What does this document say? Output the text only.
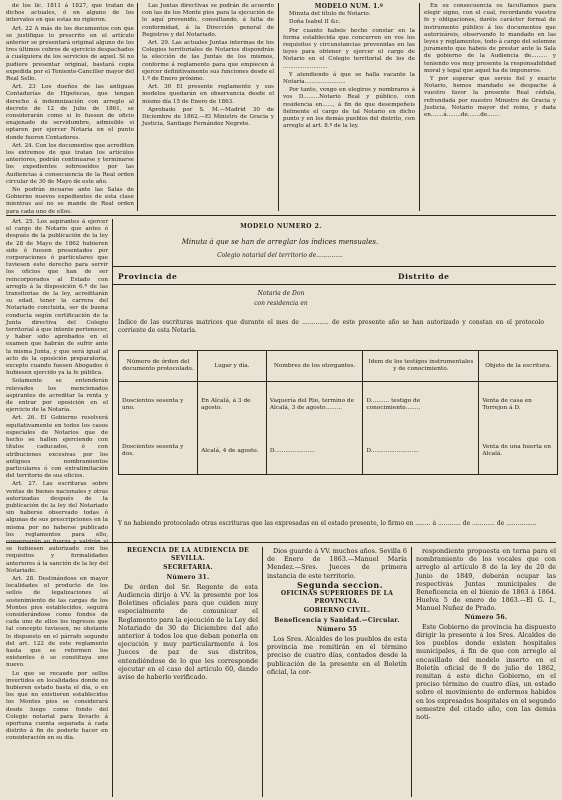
de los lic. 1811 á 1827, que tratan de dichos actuales, ó en alguno de los intervalos en que estas no rigieron.

Art. 22 A más de los documentos con que se justifique lo prescrito en el artículo anterior se presentará original alguno de los tres últimos cobros de ejercicio despachados á cualquiera de los servicios de aquel. Si no pudiere presentar original, bastará copia expedida por el Teniente-Canciller mayor del Real Sello.

Art. 23 Los dueños de las antiguas Contadurías de Hipotecas, que tengan derecho á indemnización con arreglo al decreto de 12 de Julio de 1861, se considerarán como si lo fuesen de oficio enajenado de servidumbre, admisible si optaren por ejercer Notaría en el punto donde fueron Contadores.

Art. 24. Con los documentos que acrediten los extremos de que tratan los artículos anteriores, podrán continuarse y terminarse los expedientes sobreseídos por las Audiencias á consecuencia de la Real orden circular de 30 de Mayo de este año.

No podrán incoarse ante las Salas de Gobierno nuevos expedientes de esta clase mientras así no se mande de Real orden para cada uno de ellos.

Las Juntas directivas se podrán de acuerdo con las de los Monte pios para la ejecución de lo aquí prevenido, consultando, á falta de conformidad, á la Dirección general de Registros y del Notariado.

Art. 29. Las actuales Juntas interinas de los Colegios territoriales de Notarios dispondrán la elección de las Juntas de los mismos, conforme á reglamento para que empiecen á ejercer definitivamente sus funciones desde el 1.º de Enero próximo.

Art. 30 El presente reglamento y sus modelos quedarán en observancia desde el mismo día 15 de Enero de 1863.

Aprobado por S. M.—Madrid 30 de Diciembre de 1862.—El Ministro de Gracia y Justicia, Santiago Fernández Negrete.

MODELO NUM. 1.º

Minuta del título de Notario.

Doña Isabel II &c.

Por cuanto habeis hecho constar en la forma establecida que concurren en vos los requisitos y circunstancias prevenidas en las leyes para obtener y ejercer el cargo de Notario en el Colegio territorial de los de .........................

Y atendiendo á que se halla vacante la Notaría.......................

Por tanto, vengo en elegiros y nombraros á vos D.........Notario Real y público, con residencia en......, á fin de que desempeñeis fielmente el cargo de tal Notario en dicho punto y en los demás pueblos del distrito, con arreglo al art. 8.º de la ley.

En su consecuencia os facultamos para elegir signo, con el cual, recordando vuestra fe y obligaciones, daréis carácter formal de instrumento público á los documentos que autorizáreis, observando lo mandado en las leyes y reglamentos, todo á cargo del solemne juramento que habeis de prestar ante la Sala de gobierno de la Audiencia de......... y teniendo vos muy presente la responsabilidad moral y legal que aquel ha de imponeros.

Y por esperar que sereis fiel y exacto Notario, hemos mandado se despache á vuestro favor la presente Real cédula, refrendada por nuestro Ministro de Gracia y Justicia, Notario mayor del reino, y dada en.......á........de.......de.......

MODELO NUMERO 2.
Minuta á que se han de arreglar los índices mensuales.
Colegio notarial del territorio de..............
Provincia de	Distrito de
Notaria de Don
con residencia en
Índice de las escrituras matrices que durante el mes de .............. de este presente año se han autorizado y constan en el protocolo corriente de esta Notaría.
Número de órden del documento protocolado.	Lugar y día.	Nombres de los otorgantes.	Idem de los testigos instrumentales y de conocimiento.	Objeto de la escritura.
Doscientos sesenta y uno.	En Alcalá, á 3 de agosto.	Vaquería del Rio, termino de Alcalá, 3 de agosto.........	D.......... testigo de conocimiento........	Venta de casa en Torrejon á D.
Doscientos sesenta y dos.	Alcalá, 4 de agosto.	D......................	D..........................	Venta de una huerta en Alcalá.
Y no habiendo protocolado otras escrituras que las expresadas en el estado presente, lo firmo en ........ á ............ de ............ de ................

REGENCIA DE LA AUDIENCIA DE SEVILLA.

SECRETARIA.

Número 31.

De órden del Sr. Regente de esta Audiencia dirijo á VV. la presente por los Boletines oficiales para que cuiden muy especialmente de comunicar el Reglamento para la ejecución de la Ley del Notariado de 30 de Diciembre del año anterior á todos los que deban ponerla en ejecución y muy particularmente á los Jueces de paz de sus distritos, entendiéndose de lo que les corresponde ejecutar en el caso del artículo 60, dando aviso de haberlo verificado.

Dios guarde á VV. muchos años. Sevilla 6 de Enero de 1863.—Manuel María Mendez.—Sres. Jueces de primera instancia de este territorio.

Segunda seccion.

OFICINAS SUPERIORES DE LA PROVINCIA.

GOBIERNO CIVIL.

Beneficencia y Sanidad.—Circular.

Número 55

Los Sres. Alcaldes de los pueblos de esta provincia me remitirán en el término preciso de cuatro días, contados desde la publicación de la presente en el Boletín oficial, la cor-

respondiente propuesta en terna para el nombramiento de los vocales que con arreglo al artículo 8 de la ley de 20 de Junio de 1849, deberán ocupar las respectivas Juntas municipales de Beneficencia en el bienio de 1863 á 1864. Huelva 5 de enero de 1863.—El G. I., Manuel Nuñez de Prado.

Número 56.

Este Gobierno de provincia ha dispuesto dirigir la presente á los Sres. Alcaldes de los pueblos donde existen hospitales municipales, á fin de que con arreglo al encasillado del modelo inserto en el Boletín oficial de 9 de julio de 1862, remitan á este dicho Gobierno, en el preciso término de cuatro días, un estado sobre el movimiento de enfermos habidos en los expresados hospitales en el segundo semestre del citado año, con las demás noti-

Art. 25. Los aspirantes á ejercer el cargo de Notario que antes ó después de la publicación de la ley de 28 de Mayo de 1862 hubieren sido ó fuesen presentados por corporaciones ó particulares que tuviesen este derecho para servir los oficios que han de ser reincorporados al Estado con arreglo á la disposición 6.ª de las transitorias de la ley, acreditarán su edad, tener la carrera del Notariado concluida, ser de buena conducta según certificación de la Junta directiva del Colegio territorial á que intente pertenecer, y haber sido aprobados en el examen que habrán de sufrir ante la misma Junta, y que será igual al acto de la oposición preparatoria, excepto cuando fuesen Abogados ó hubiesen ejercido ya la fe pública.

Solamente se entenderán relevados los mencionados aspirantes de acreditar la renta y de entrar por oposición en el ejercicio de la Notaría.

Art. 26. El Gobierno resolverá equitativamente en todos los casos especiales de Notarios que de hecho se hallen ejerciendo con títulos caducados, ó con atribuciones excesivas por los antiguos nombramientos particulares ó con extralimitación del territorio de sus oficios.

Art. 27. Las escrituras sobre ventas de bienes nacionales y otras autorizadas después de la publicación de la ley del Notariado sin haberse observado todas ó algunas de sus prescripciones en la misma por no haberse publicado los reglamentos para ello, conservarán su fuerza y valdrán si se hubiesen autorizado con los requisitos y formalidades anteriores á la sanción de la ley del Notariado.

Art. 28. Destinándose en mayor localidades el producto de los sellos de legalizaciones al sostenimiento de las cargas de los Montes pios establecidos, seguirá considerándose como fondos de cada uno de ellos los ingresos que tal concepto tuviesen, no obstante lo dispuesto en el párrafo segundo del art. 122 de este reglamento hasta que se reformen los existentes ó se constituya uno nuevo.

Lo que se recaude por sellos invertidos en localidades donde no hubieren estado hasta el día, o en los que no existieren establecidos los Montes pios se considerará desde luego como fondo del Colegio notarial para llevarlo á oportuna cuenta separada á cada distrito á fin de poderle hacer en consideración en su día.
